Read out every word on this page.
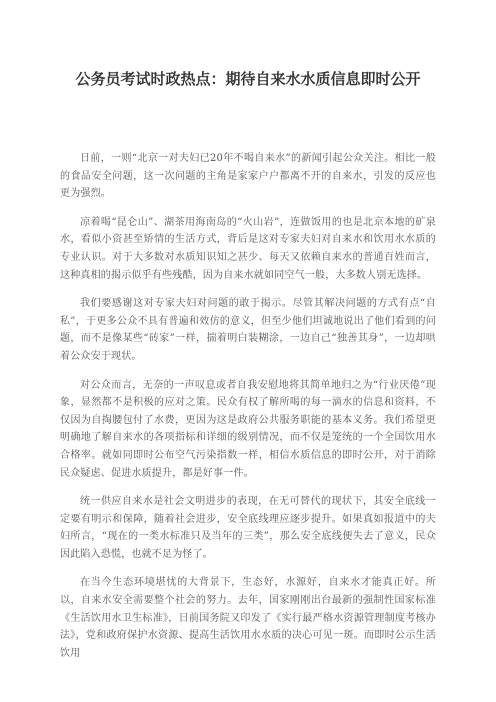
公务员考试时政热点：期待自来水水质信息即时公开

日前，一则“北京一对夫妇已20年不喝自来水”的新闻引起公众关注。相比一般的食品安全问题，这一次问题的主角是家家户户都离不开的自来水，引发的反应也更为强烈。

凉着喝“昆仑山”、湖茶用海南岛的“火山岩”，连做饭用的也是北京本地的矿泉水，看似小资甚至矫情的生活方式，背后是这对专家夫妇对自来水和饮用水水质的专业认识。对于大多数对水质知识知之甚少、每天又依赖自来水的普通百姓而言，这种真相的揭示似乎有些残酷，因为自来水就如同空气一般，大多数人别无选择。

我们要感谢这对专家夫妇对问题的敢于揭示。尽管其解决问题的方式有点“自私”，于更多公众不具有普遍和效仿的意义，但至少他们坦诚地说出了他们看到的问题，而不是像某些“砖家”一样，揣着明白装糊涂，一边自己“独善其身”，一边却哄着公众安于现状。

对公众而言，无奈的一声叹息或者自我安慰地将其简单地归之为“行业厌倦”现象，显然都不是积极的应对之策。民众有权了解所喝的每一滴水的信息和资料，不仅因为自掏腰包付了水费，更因为这是政府公共服务职能的基本义务。我们希望更明确地了解自来水的各项指标和详细的级别情况，而不仅是笼统的一个全国饮用水合格率。就如同即时公布空气污染指数一样，相信水质信息的即时公开，对于消除民众疑虑、促进水质提升，都是好事一件。

统一供应自来水是社会文明进步的表现，在无可替代的现状下，其安全底线一定要有明示和保障，随着社会进步，安全底线理应逐步提升。如果真如报道中的夫妇所言，“现在的一类水标准只及当年的三类”，那么安全底线便失去了意义，民众因此陷入恐慌，也就不足为怪了。

在当今生态环境堪忧的大背景下，生态好，水源好，自来水才能真正好。所以，自来水安全需要整个社会的努力。去年，国家刚刚出台最新的强制性国家标准《生活饮用水卫生标准》，日前国务院又印发了《实行最严格水资源管理制度考核办法》，党和政府保护水资源、提高生活饮用水水质的决心可见一斑。而即时公示生活饮用
